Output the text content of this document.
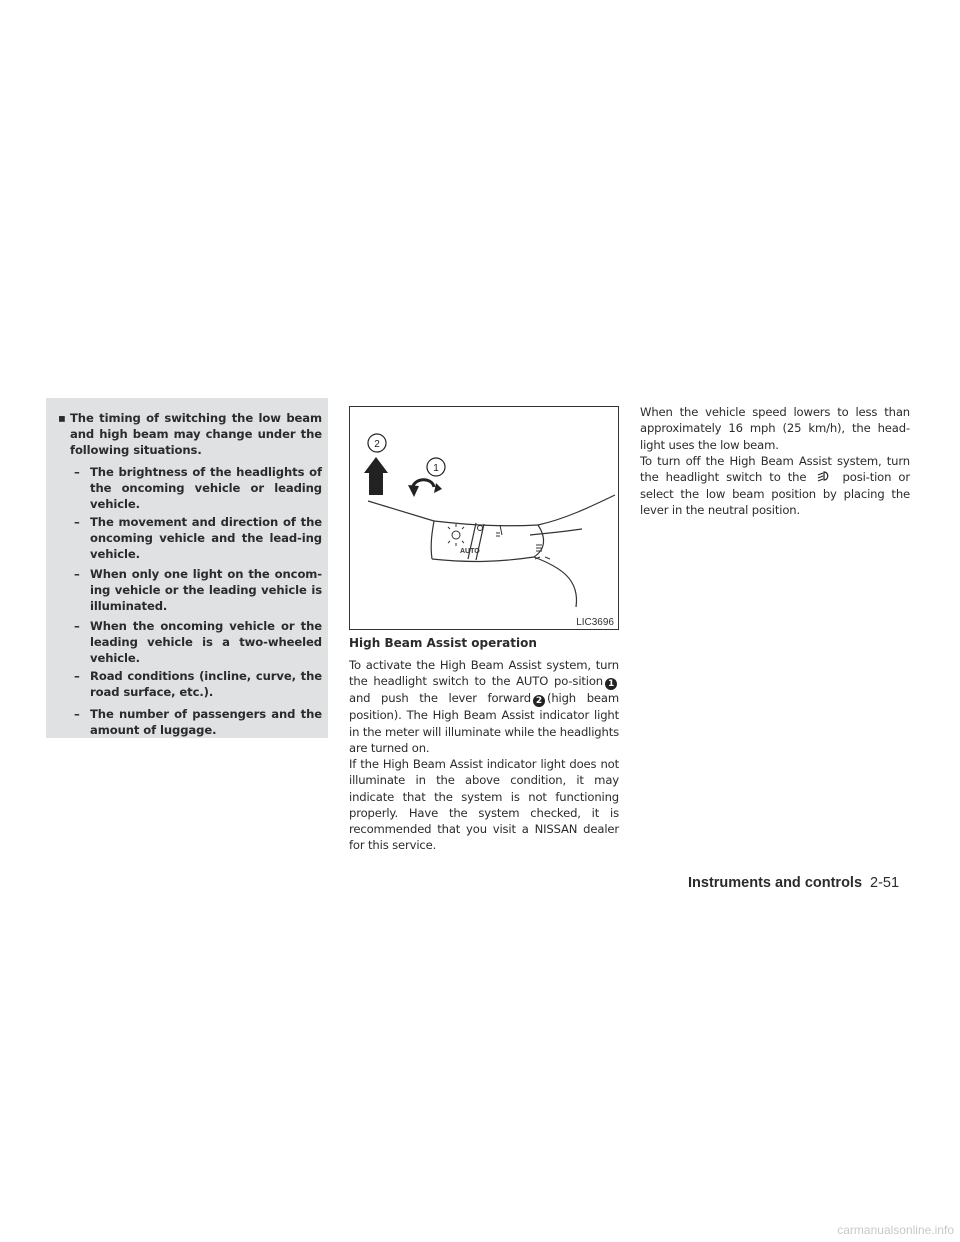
▪ The timing of switching the low beam and high beam may change under the following situations.
– The brightness of the headlights of the oncoming vehicle or leading vehicle.
– The movement and direction of the oncoming vehicle and the lead-ing vehicle.
– When only one light on the oncom-ing vehicle or the leading vehicle is illuminated.
– When the oncoming vehicle or the leading vehicle is a two-wheeled vehicle.
– Road conditions (incline, curve, the road surface, etc.).
– The number of passengers and the amount of luggage.
AUTO
1
2
LIC3696
High Beam Assist operation
To activate the High Beam Assist system, turn the headlight switch to the AUTO po-sition 1and push the lever forward 2 (high beam position). The High Beam Assist indicator light in the meter will illuminate while the headlights are turned on.
If the High Beam Assist indicator light does not illuminate in the above condition, it may indicate that the system is not functioning properly. Have the system checked, it is recommended that you visit a NISSAN dealer for this service.
When the vehicle speed lowers to less than approximately 16 mph (25 km/h), the head-light uses the low beam.
To turn off the High Beam Assist system, turn the headlight switch to the	posi-tion or select the low beam position by placing the lever in the neutral position.
Instruments and controls 2-51
carmanualsonline.info
